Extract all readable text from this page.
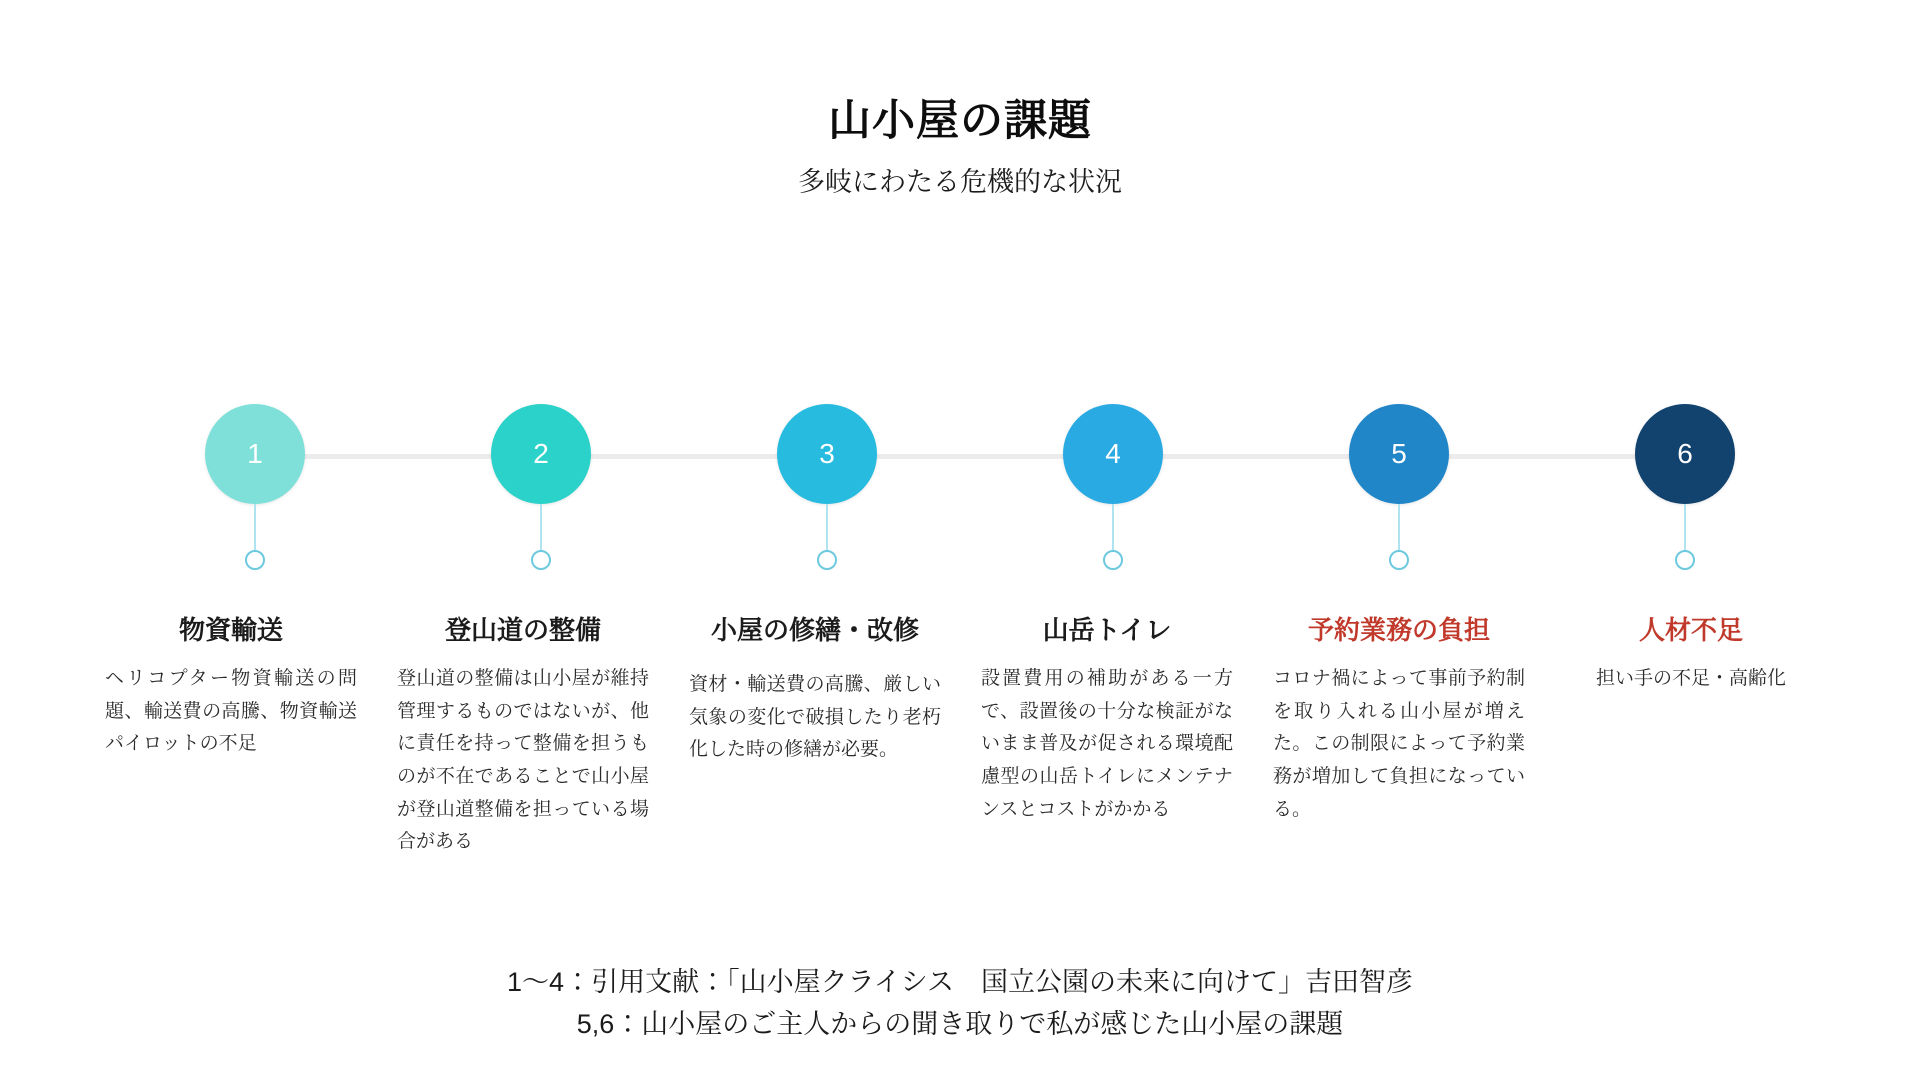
山小屋の課題

多岐にわたる危機的な状況

1	2	3	4	5	6
物資輸送
ヘリコプター物資輸送の問題、輸送費の高騰、物資輸送パイロットの不足
登山道の整備
登山道の整備は山小屋が維持管理するものではないが、他に責任を持って整備を担うものが不在であることで山小屋が登山道整備を担っている場合がある
小屋の修繕・改修
資材・輸送費の高騰、厳しい気象の変化で破損したり老朽化した時の修繕が必要。
山岳トイレ
設置費用の補助がある一方で、設置後の十分な検証がないまま普及が促される環境配慮型の山岳トイレにメンテナンスとコストがかかる
予約業務の負担
コロナ禍によって事前予約制を取り入れる山小屋が増えた。この制限によって予約業務が増加して負担になっている。
人材不足
担い手の不足・高齢化
1〜4：引用文献：「山小屋クライシス　国立公園の未来に向けて」吉田智彦
5,6：山小屋のご主人からの聞き取りで私が感じた山小屋の課題
